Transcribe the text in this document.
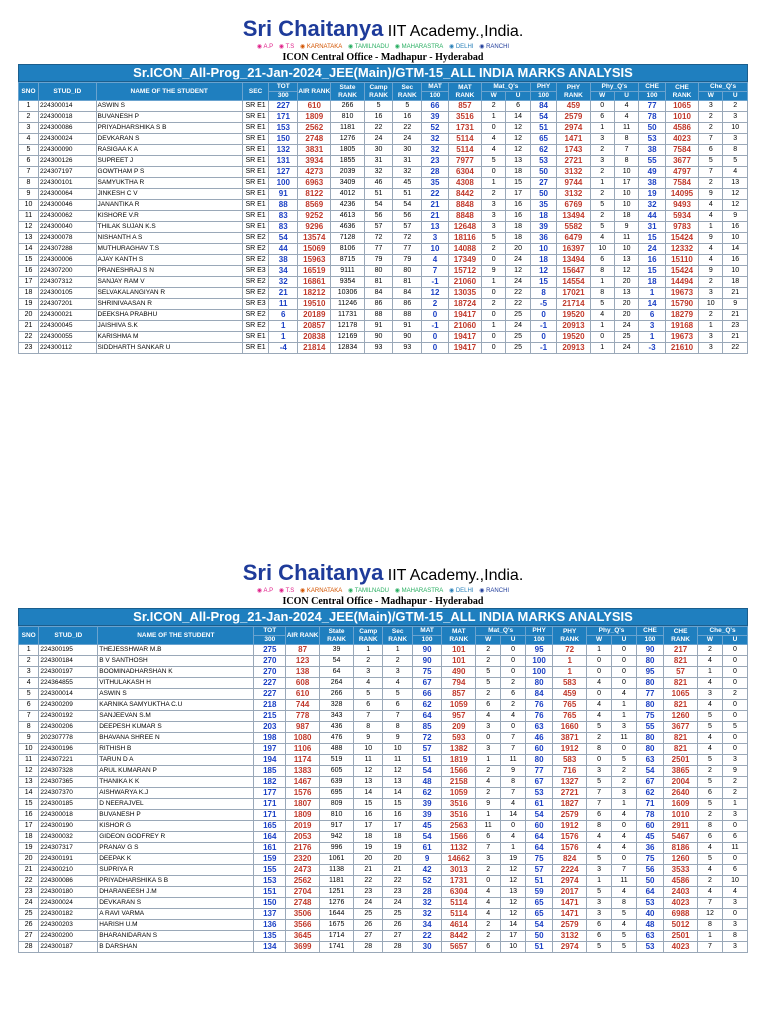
Sri Chaitanya IIT Academy.,India.
◉ A.P ◉ T.S ◉ KARNATAKA ◉ TAMILNADU ◉ MAHARASTRA ◉ DELHI ◉ RANCHI
ICON Central Office - Madhapur - Hyderabad
Sr.ICON_All-Prog_21-Jan-2024_JEE(Main)/GTM-15_ALL INDIA MARKS ANALYSIS
SNO	STUD_ID	NAME OF THE STUDENT	SEC	TOT	AIR RANK	State RANK	Camp RANK	Sec RANK	MAT	MAT RANK	Mat_Q's		PHY	PHY RANK	Phy_Q's		CHE	CHE RANK	Che_Q's	
				300					100		W	U	100		W	U	100		W	U
1	224300014	ASWIN S	SR E1	227	610	266	5	5	66	857	2	6	84	459	0	4	77	1065	3	2
2	224300018	BUVANESH P	SR E1	171	1809	810	16	16	39	3516	1	14	54	2579	6	4	78	1010	2	3
3	224300086	PRIYADHARSHIKA S B	SR E1	153	2562	1181	22	22	52	1731	0	12	51	2974	1	11	50	4586	2	10
4	224300024	DEVKARAN S	SR E1	150	2748	1276	24	24	32	5114	4	12	65	1471	3	8	53	4023	7	3
5	224300090	RASIGAA K A	SR E1	132	3831	1805	30	30	32	5114	4	12	62	1743	2	7	38	7584	6	8
6	224300126	SUPREET J	SR E1	131	3934	1855	31	31	23	7977	5	13	53	2721	3	8	55	3677	5	5
7	224307197	GOWTHAM P S	SR E1	127	4273	2039	32	32	28	6304	0	18	50	3132	2	10	49	4797	7	4
8	224300101	SAMYUKTHA R	SR E1	100	6963	3409	46	45	35	4308	1	15	27	9744	1	17	38	7584	2	13
9	224300064	JINKESH C V	SR E1	91	8122	4012	51	51	22	8442	2	17	50	3132	2	10	19	14095	9	12
10	224300046	JANANTIKA R	SR E1	88	8569	4236	54	54	21	8848	3	16	35	6769	5	10	32	9493	4	12
11	224300062	KISHORE V.R	SR E1	83	9252	4613	56	56	21	8848	3	16	18	13494	2	18	44	5934	4	9
12	224300040	THILAK SUJAN K.S	SR E1	83	9296	4636	57	57	13	12648	3	18	39	5582	5	9	31	9783	1	16
13	224300078	NISHANTH A S	SR E2	54	13574	7128	72	72	3	18116	5	18	36	6479	4	11	15	15424	9	10
14	224307288	MUTHURAGHAV T.S	SR E2	44	15069	8106	77	77	10	14088	2	20	10	16397	10	10	24	12332	4	14
15	224300006	AJAY KANTH S	SR E2	38	15963	8715	79	79	4	17349	0	24	18	13494	6	13	16	15110	4	16
16	224307200	PRANESHRAJ S N	SR E3	34	16519	9111	80	80	7	15712	9	12	12	15647	8	12	15	15424	9	10
17	224307312	SANJAY RAM V	SR E2	32	16861	9354	81	81	-1	21060	1	24	15	14554	1	20	18	14494	2	18
18	224300105	SELVAKALANGIYAN R	SR E2	21	18212	10306	84	84	12	13035	0	22	8	17021	8	13	1	19673	3	21
19	224307201	SHRINIVAASAN R	SR E3	11	19510	11246	86	86	2	18724	2	22	-5	21714	5	20	14	15790	10	9
20	224300021	DEEKSHA PRABHU	SR E2	6	20189	11731	88	88	0	19417	0	25	0	19520	4	20	6	18279	2	21
21	224300045	JAISHIVA S.K	SR E2	1	20857	12178	91	91	-1	21060	1	24	-1	20913	1	24	3	19168	1	23
22	224300055	KARISHMA M	SR E1	1	20838	12169	90	90	0	19417	0	25	0	19520	0	25	1	19673	3	21
23	224300112	SIDDHARTH SANKAR U	SR E1	-4	21814	12834	93	93	0	19417	0	25	-1	20913	1	24	-3	21610	3	22
Sri Chaitanya IIT Academy.,India.
◉ A.P ◉ T.S ◉ KARNATAKA ◉ TAMILNADU ◉ MAHARASTRA ◉ DELHI ◉ RANCHI
ICON Central Office - Madhapur - Hyderabad
Sr.ICON_All-Prog_21-Jan-2024_JEE(Main)/GTM-15_ALL INDIA MARKS ANALYSIS
SNO	STUD_ID	NAME OF THE STUDENT	TOT	AIR RANK	State RANK	Camp RANK	Sec RANK	MAT	MAT RANK	Mat_Q's		PHY	PHY RANK	Phy_Q's		CHE	CHE RANK	Che_Q's	
			300					100		W	U	100		W	U	100		W	U
1	224300195	THEJESSHWAR M.B	275	87	39	1	1	90	101	2	0	95	72	1	0	90	217	2	0
2	224300184	B V SANTHOSH	270	123	54	2	2	90	101	2	0	100	1	0	0	80	821	4	0
3	224300197	BOOMINADHARSHAN K	270	138	64	3	3	75	490	5	0	100	1	0	0	95	57	1	0
4	224364855	VITHULAKASH H	227	608	264	4	4	67	794	5	2	80	583	4	0	80	821	4	0
5	224300014	ASWIN S	227	610	266	5	5	66	857	2	6	84	459	0	4	77	1065	3	2
6	224300209	KARNIKA SAMYUKTHA C.U	218	744	328	6	6	62	1059	6	2	76	765	4	1	80	821	4	0
7	224300192	SANJEEVAN S.M	215	778	343	7	7	64	957	4	4	76	765	4	1	75	1260	5	0
8	224300206	DEEPESH KUMAR S	203	987	436	8	8	85	209	3	0	63	1660	5	3	55	3677	5	5
9	202307778	BHAVANA SHREE N	198	1080	476	9	9	72	593	0	7	46	3871	2	11	80	821	4	0
10	224300196	RITHISH B	197	1106	488	10	10	57	1382	3	7	60	1912	8	0	80	821	4	0
11	224307221	TARUN D A	194	1174	519	11	11	51	1819	1	11	80	583	0	5	63	2501	5	3
12	224307328	ARUL KUMARAN P	185	1383	605	12	12	54	1566	2	9	77	716	3	2	54	3865	2	9
13	224307365	THANIKA K K	182	1467	639	13	13	48	2158	4	8	67	1327	5	2	67	2004	5	2
14	224307370	AISHWARYA K.J	177	1576	695	14	14	62	1059	2	7	53	2721	7	3	62	2640	6	2
15	224300185	D NEERAJVEL	171	1807	809	15	15	39	3516	9	4	61	1827	7	1	71	1609	5	1
16	224300018	BUVANESH P	171	1809	810	16	16	39	3516	1	14	54	2579	6	4	78	1010	2	3
17	224300190	KISHOR G	165	2019	917	17	17	45	2563	11	0	60	1912	8	0	60	2911	8	0
18	224300032	GIDEON GODFREY R	164	2053	942	18	18	54	1566	6	4	64	1576	4	4	45	5467	6	6
19	224307317	PRANAV G S	161	2176	996	19	19	61	1132	7	1	64	1576	4	4	36	8186	4	11
20	224300191	DEEPAK K	159	2320	1061	20	20	9	14662	3	19	75	824	5	0	75	1260	5	0
21	224300210	SUPRIYA R	155	2473	1138	21	21	42	3013	2	12	57	2224	3	7	56	3533	4	6
22	224300086	PRIYADHARSHIKA S B	153	2562	1181	22	22	52	1731	0	12	51	2974	1	11	50	4586	2	10
23	224300180	DHARANEESH J.M	151	2704	1251	23	23	28	6304	4	13	59	2017	5	4	64	2403	4	4
24	224300024	DEVKARAN S	150	2748	1276	24	24	32	5114	4	12	65	1471	3	8	53	4023	7	3
25	224300182	A RAVI VARMA	137	3506	1644	25	25	32	5114	4	12	65	1471	3	5	40	6988	12	0
26	224300203	HARISH U.M	136	3566	1675	26	26	34	4614	2	14	54	2579	6	4	48	5012	8	3
27	224300200	BHARANIDARAN S	135	3645	1714	27	27	22	8442	2	17	50	3132	6	5	63	2501	1	8
28	224300187	B DARSHAN	134	3699	1741	28	28	30	5657	6	10	51	2974	5	5	53	4023	7	3
